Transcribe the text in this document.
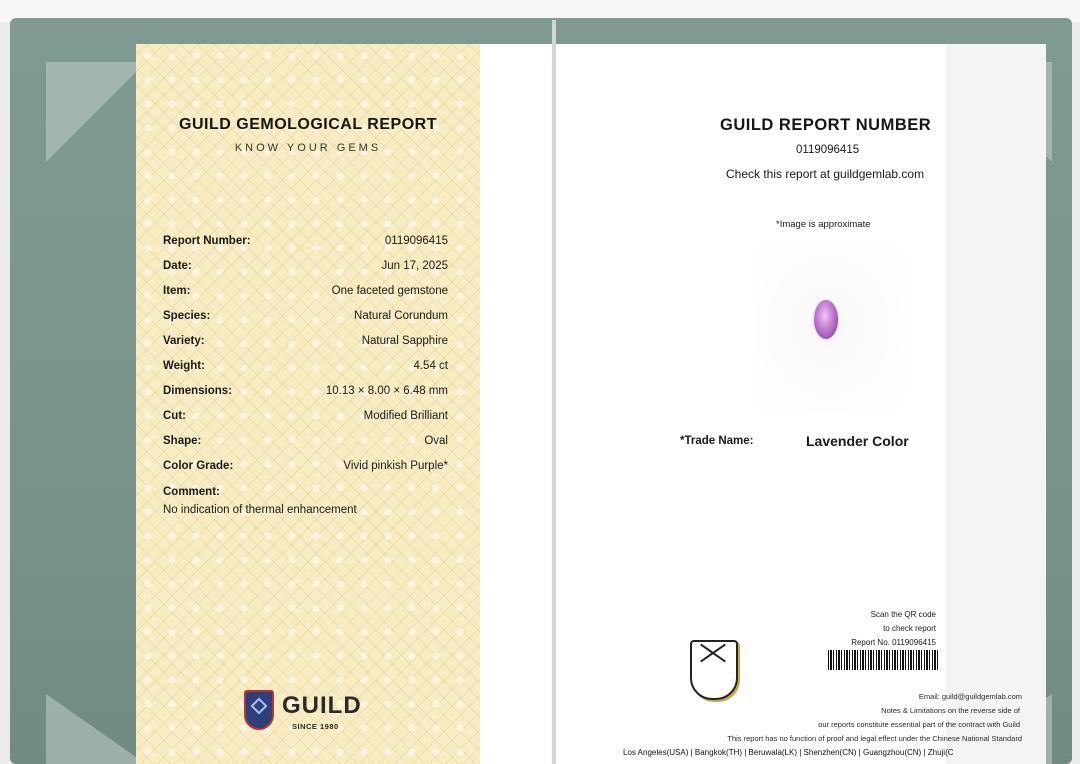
GUILD GEMOLOGICAL REPORT
KNOW YOUR GEMS
Report Number:	0119096415
Date:	Jun 17, 2025
Item:	One faceted gemstone
Species:	Natural Corundum
Variety:	Natural Sapphire
Weight:	4.54 ct
Dimensions:	10.13 × 8.00 × 6.48 mm
Cut:	Modified Brilliant
Shape:	Oval
Color Grade:	Vivid pinkish Purple*
Comment:
No indication of thermal enhancement
GUILD
SINCE 1980
GUILD REPORT NUMBER
0119096415
Check this report at guildgemlab.com
*Image is approximate
*Trade Name:	Lavender Color
Scan the QR code
to check report
Report No. 0119096415
Email: guild@guildgemlab.com
Notes & Limitations on the reverse side of
our reports constitute essential part of the contract with Guild
This report has no function of proof and legal effect under the Chinese National Standard
Los Angeles(USA) | Bangkok(TH) | Beruwala(LK) | Shenzhen(CN) | Guangzhou(CN) | Zhuji(C
